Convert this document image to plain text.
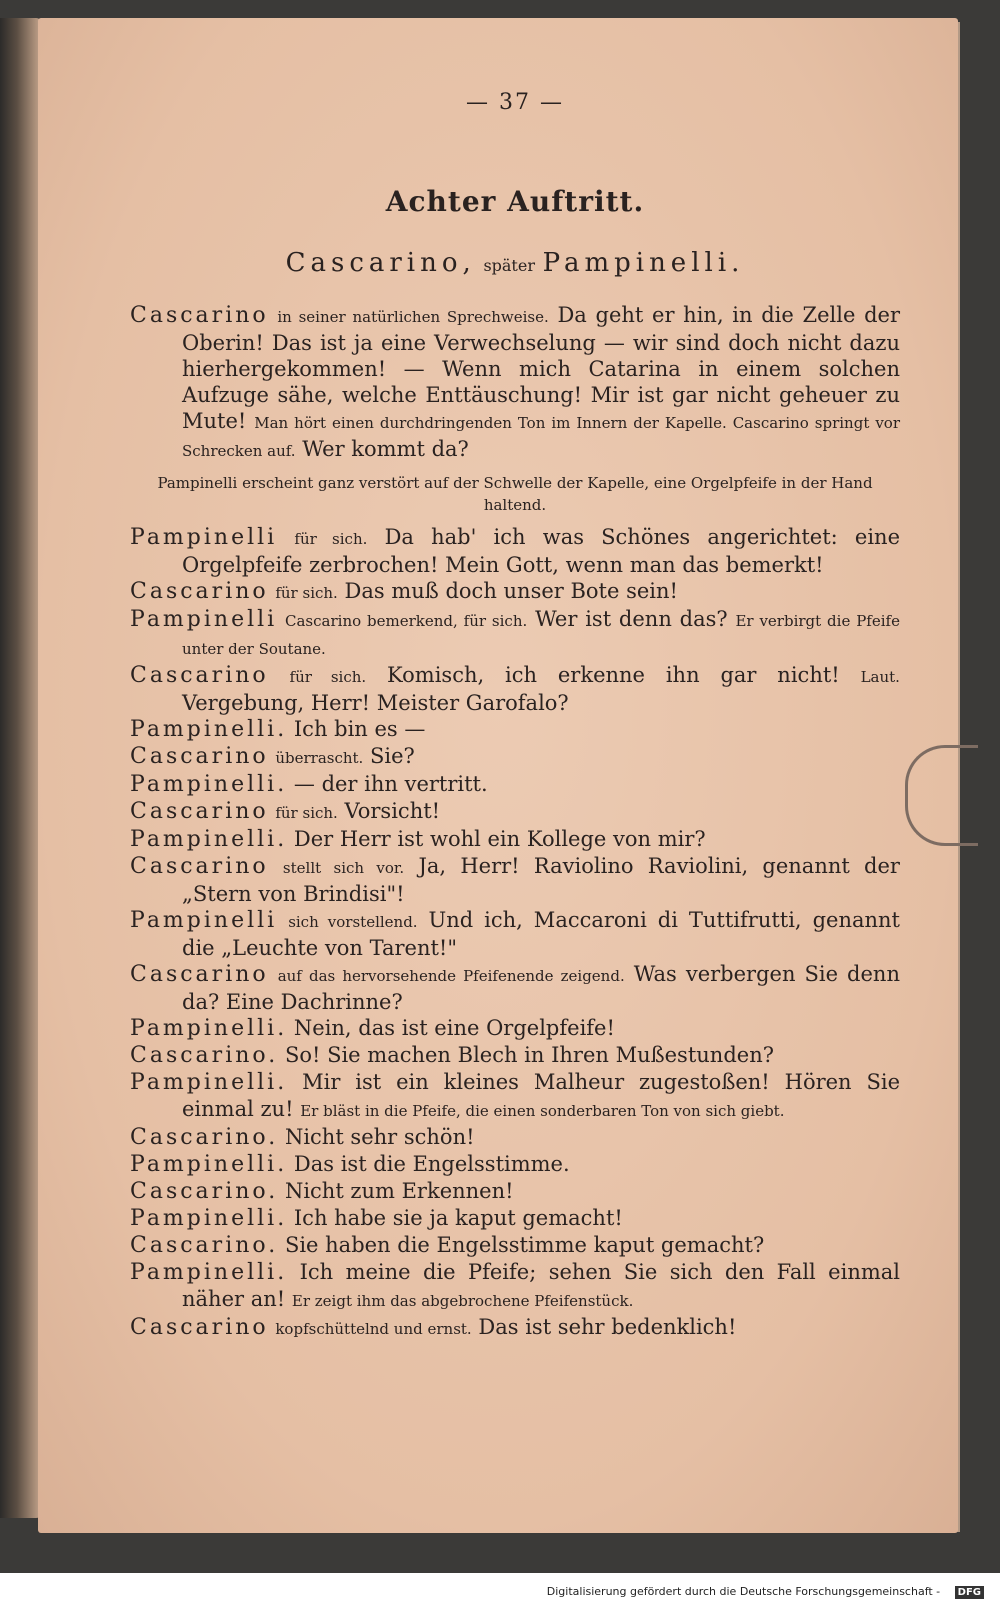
— 37 —
Achter Auftritt.
Cascarino, später Pampinelli.

Cascarino in seiner natürlichen Sprechweise. Da geht er hin, in die Zelle der Oberin! Das ist ja eine Verwechselung — wir sind doch nicht dazu hierhergekommen! — Wenn mich Catarina in einem solchen Aufzuge sähe, welche Enttäuschung! Mir ist gar nicht geheuer zu Mute! Man hört einen durchdringenden Ton im Innern der Kapelle. Cascarino springt vor Schrecken auf. Wer kommt da?

Pampinelli erscheint ganz verstört auf der Schwelle der Kapelle, eine Orgelpfeife in der Hand haltend.

Pampinelli für sich. Da hab' ich was Schönes angerichtet: eine Orgelpfeife zerbrochen! Mein Gott, wenn man das bemerkt!

Cascarino für sich. Das muß doch unser Bote sein!

Pampinelli Cascarino bemerkend, für sich. Wer ist denn das? Er verbirgt die Pfeife unter der Soutane.

Cascarino für sich. Komisch, ich erkenne ihn gar nicht! Laut. Vergebung, Herr! Meister Garofalo?

Pampinelli. Ich bin es —

Cascarino überrascht. Sie?

Pampinelli. — der ihn vertritt.

Cascarino für sich. Vorsicht!

Pampinelli. Der Herr ist wohl ein Kollege von mir?

Cascarino stellt sich vor. Ja, Herr! Raviolino Raviolini, genannt der „Stern von Brindisi"!

Pampinelli sich vorstellend. Und ich, Maccaroni di Tuttifrutti, genannt die „Leuchte von Tarent!"

Cascarino auf das hervorsehende Pfeifenende zeigend. Was verbergen Sie denn da? Eine Dachrinne?

Pampinelli. Nein, das ist eine Orgelpfeife!

Cascarino. So! Sie machen Blech in Ihren Mußestunden?

Pampinelli. Mir ist ein kleines Malheur zugestoßen! Hören Sie einmal zu! Er bläst in die Pfeife, die einen sonderbaren Ton von sich giebt.

Cascarino. Nicht sehr schön!

Pampinelli. Das ist die Engelsstimme.

Cascarino. Nicht zum Erkennen!

Pampinelli. Ich habe sie ja kaput gemacht!

Cascarino. Sie haben die Engelsstimme kaput gemacht?

Pampinelli. Ich meine die Pfeife; sehen Sie sich den Fall einmal näher an! Er zeigt ihm das abgebrochene Pfeifenstück.

Cascarino kopfschüttelnd und ernst. Das ist sehr bedenklich!

Digitalisierung gefördert durch die Deutsche Forschungsgemeinschaft - DFG
